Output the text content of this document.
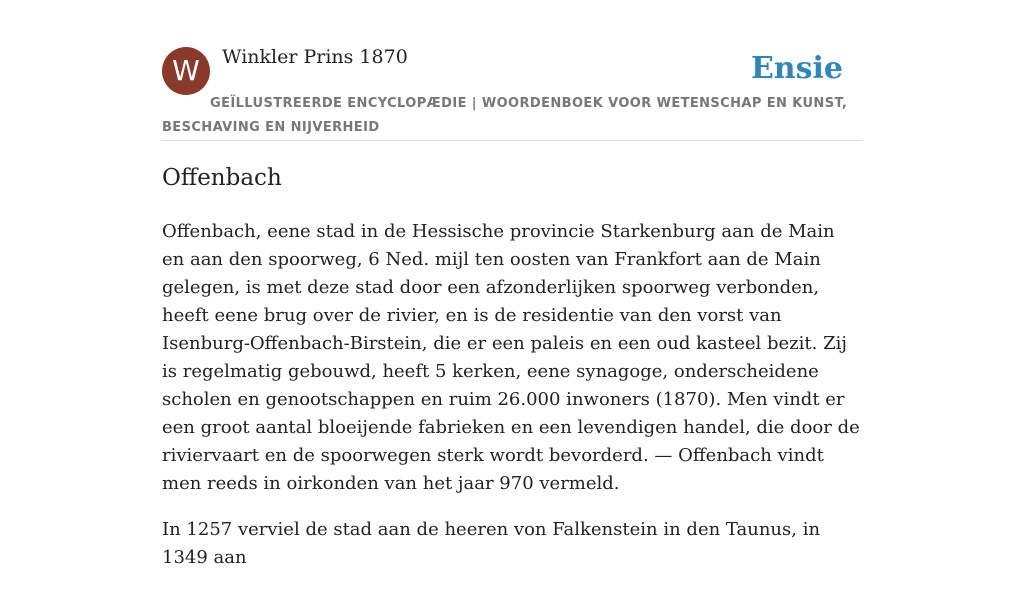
W	Winkler Prins 1870	Ensie
GEÏLLUSTREERDE ENCYCLOPÆDIE | WOORDENBOEK VOOR WETENSCHAP EN KUNST, BESCHAVING EN NIJVERHEID
Offenbach

Offenbach, eene stad in de Hessische provincie Starkenburg aan de Main en aan den spoorweg, 6 Ned. mijl ten oosten van Frankfort aan de Main gelegen, is met deze stad door een afzonderlijken spoorweg verbonden, heeft eene brug over de rivier, en is de residentie van den vorst van Isenburg-Offenbach-Birstein, die er een paleis en een oud kasteel bezit. Zij is regelmatig gebouwd, heeft 5 kerken, eene synagoge, onderscheidene scholen en genootschappen en ruim 26.000 inwoners (1870). Men vindt er een groot aantal bloeijende fabrieken en een levendigen handel, die door de riviervaart en de spoorwegen sterk wordt bevorderd. — Offenbach vindt men reeds in oirkonden van het jaar 970 vermeld.

In 1257 verviel de stad aan de heeren von Falkenstein in den Taunus, in 1349 aan
